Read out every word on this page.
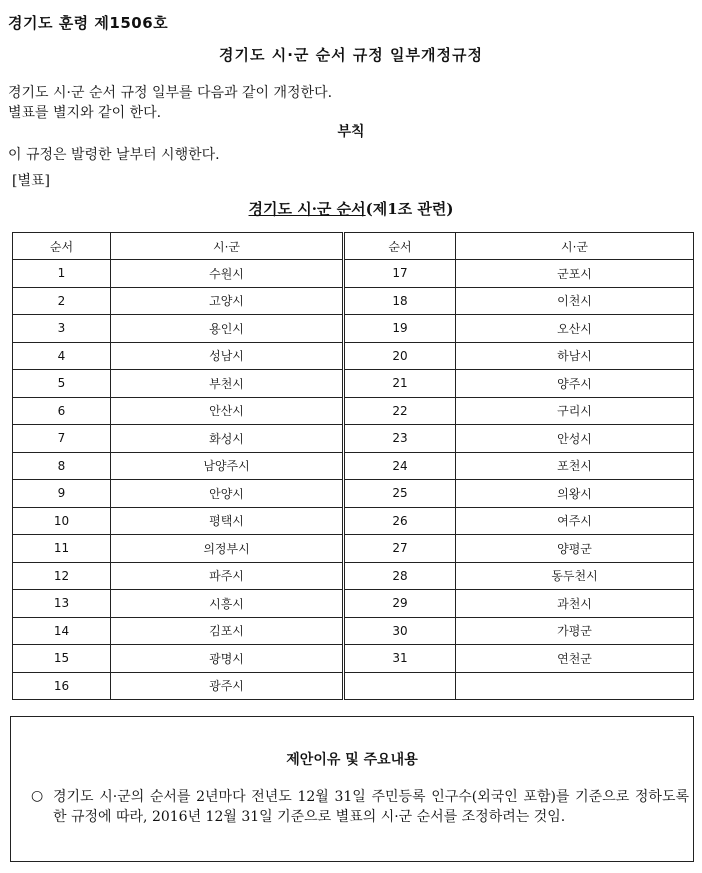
경기도 훈령 제1506호
경기도 시·군 순서 규정 일부개정규정
경기도 시·군 순서 규정 일부를 다음과 같이 개정한다.
별표를 별지와 같이 한다.
부칙
이 규정은 발령한 날부터 시행한다.
[별표]
경기도 시·군 순서(제1조 관련)
순서	시·군	순서	시·군
1	수원시	17	군포시
2	고양시	18	이천시
3	용인시	19	오산시
4	성남시	20	하남시
5	부천시	21	양주시
6	안산시	22	구리시
7	화성시	23	안성시
8	남양주시	24	포천시
9	안양시	25	의왕시
10	평택시	26	여주시
11	의정부시	27	양평군
12	파주시	28	동두천시
13	시흥시	29	과천시
14	김포시	30	가평군
15	광명시	31	연천군
16	광주시		
제안이유 및 주요내용
○ 경기도 시·군의 순서를 2년마다 전년도 12월 31일 주민등록 인구수(외국인 포함)를 기준으로 정하도록 한 규정에 따라, 2016년 12월 31일 기준으로 별표의 시·군 순서를 조정하려는 것임.
